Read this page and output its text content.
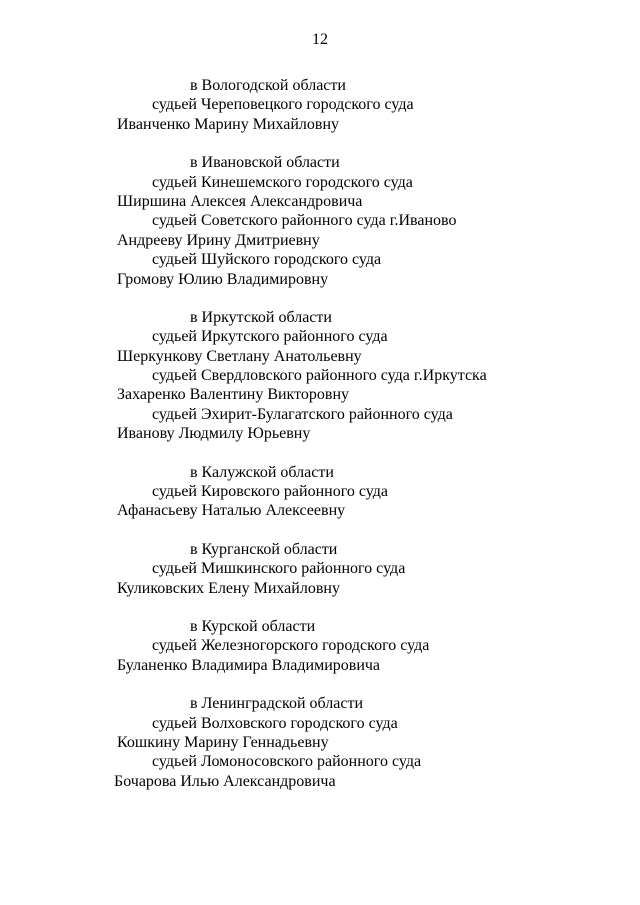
12
в Вологодской области
судьей Череповецкого городского суда
Иванченко Марину Михайловну
в Ивановской области
судьей Кинешемского городского суда
Ширшина Алексея Александровича
судьей Советского районного суда г.Иваново
Андрееву Ирину Дмитриевну
судьей Шуйского городского суда
Громову Юлию Владимировну
в Иркутской области
судьей Иркутского районного суда
Шеркункову Светлану Анатольевну
судьей Свердловского районного суда г.Иркутска
Захаренко Валентину Викторовну
судьей Эхирит-Булагатского районного суда
Иванову Людмилу Юрьевну
в Калужской области
судьей Кировского районного суда
Афанасьеву Наталью Алексеевну
в Курганской области
судьей Мишкинского районного суда
Куликовских Елену Михайловну
в Курской области
судьей Железногорского городского суда
Буланенко Владимира Владимировича
в Ленинградской области
судьей Волховского городского суда
Кошкину Марину Геннадьевну
судьей Ломоносовского районного суда
Бочарова Илью Александровича
